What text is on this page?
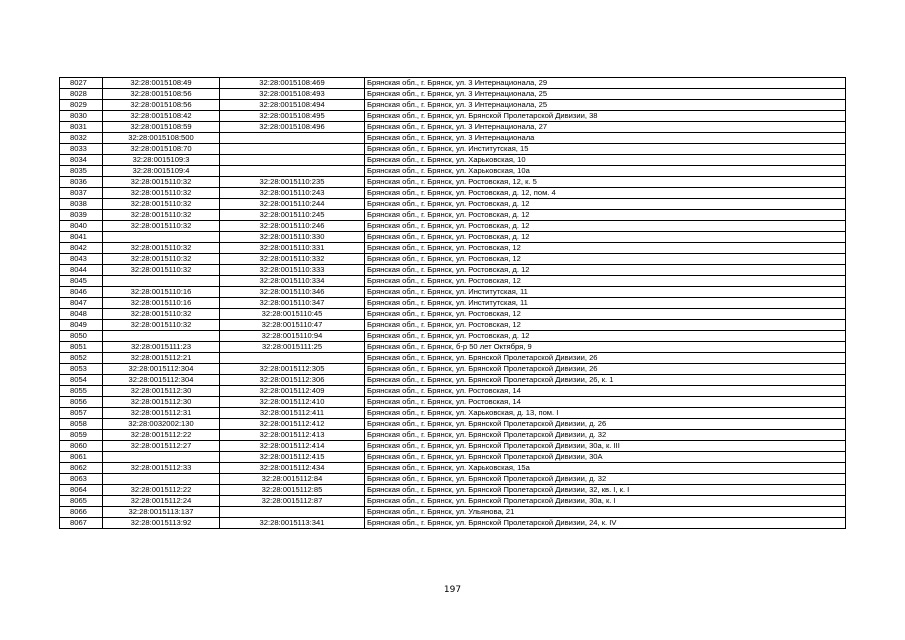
8027	32:28:0015108:49	32:28:0015108:469	Брянская обл., г. Брянск, ул. 3 Интернационала, 29
8028	32:28:0015108:56	32:28:0015108:493	Брянская обл., г. Брянск, ул. 3 Интернационала, 25
8029	32:28:0015108:56	32:28:0015108:494	Брянская обл., г. Брянск, ул. 3 Интернационала, 25
8030	32:28:0015108:42	32:28:0015108:495	Брянская обл., г. Брянск, ул. Брянской Пролетарской Дивизии, 38
8031	32:28:0015108:59	32:28:0015108:496	Брянская обл., г. Брянск, ул. 3 Интернационала, 27
8032	32:28:0015108:500		Брянская обл., г. Брянск, ул. 3 Интернационала
8033	32:28:0015108:70		Брянская обл., г. Брянск, ул. Институтская, 15
8034	32:28:0015109:3		Брянская обл., г. Брянск, ул. Харьковская, 10
8035	32:28:0015109:4		Брянская обл., г. Брянск, ул. Харьковская, 10а
8036	32:28:0015110:32	32:28:0015110:235	Брянская обл., г. Брянск, ул. Ростовская, 12, к. 5
8037	32:28:0015110:32	32:28:0015110:243	Брянская обл., г. Брянск, ул. Ростовская, д. 12, пом. 4
8038	32:28:0015110:32	32:28:0015110:244	Брянская обл., г. Брянск, ул. Ростовская, д. 12
8039	32:28:0015110:32	32:28:0015110:245	Брянская обл., г. Брянск, ул. Ростовская, д. 12
8040	32:28:0015110:32	32:28:0015110:246	Брянская обл., г. Брянск, ул. Ростовская, д. 12
8041		32:28:0015110:330	Брянская обл., г. Брянск, ул. Ростовская, д. 12
8042	32:28:0015110:32	32:28:0015110:331	Брянская обл., г. Брянск, ул. Ростовская, 12
8043	32:28:0015110:32	32:28:0015110:332	Брянская обл., г. Брянск, ул. Ростовская, 12
8044	32:28:0015110:32	32:28:0015110:333	Брянская обл., г. Брянск, ул. Ростовская, д. 12
8045		32:28:0015110:334	Брянская обл., г. Брянск, ул. Ростовская, 12
8046	32:28:0015110:16	32:28:0015110:346	Брянская обл., г. Брянск, ул. Институтская, 11
8047	32:28:0015110:16	32:28:0015110:347	Брянская обл., г. Брянск, ул. Институтская, 11
8048	32:28:0015110:32	32:28:0015110:45	Брянская обл., г. Брянск, ул. Ростовская, 12
8049	32:28:0015110:32	32:28:0015110:47	Брянская обл., г. Брянск, ул. Ростовская, 12
8050		32:28:0015110:94	Брянская обл., г. Брянск, ул. Ростовская, д. 12
8051	32:28:0015111:23	32:28:0015111:25	Брянская обл., г. Брянск, б-р 50 лет Октября, 9
8052	32:28:0015112:21		Брянская обл., г. Брянск, ул. Брянской Пролетарской Дивизии, 26
8053	32:28:0015112:304	32:28:0015112:305	Брянская обл., г. Брянск, ул. Брянской Пролетарской Дивизии, 26
8054	32:28:0015112:304	32:28:0015112:306	Брянская обл., г. Брянск, ул. Брянской Пролетарской Дивизии, 26, к. 1
8055	32:28:0015112:30	32:28:0015112:409	Брянская обл., г. Брянск, ул. Ростовская, 14
8056	32:28:0015112:30	32:28:0015112:410	Брянская обл., г. Брянск, ул. Ростовская, 14
8057	32:28:0015112:31	32:28:0015112:411	Брянская обл., г. Брянск, ул. Харьковская, д. 13, пом. I
8058	32:28:0032002:130	32:28:0015112:412	Брянская обл., г. Брянск, ул. Брянской Пролетарской Дивизии, д. 26
8059	32:28:0015112:22	32:28:0015112:413	Брянская обл., г. Брянск, ул. Брянской Пролетарской Дивизии, д. 32
8060	32:28:0015112:27	32:28:0015112:414	Брянская обл., г. Брянск, ул. Брянской Пролетарской Дивизии, 30а, к. III
8061		32:28:0015112:415	Брянская обл., г. Брянск, ул. Брянской Пролетарской Дивизии, 30А
8062	32:28:0015112:33	32:28:0015112:434	Брянская обл., г. Брянск, ул. Харьковская, 15а
8063		32:28:0015112:84	Брянская обл., г. Брянск, ул. Брянской Пролетарской Дивизии, д. 32
8064	32:28:0015112:22	32:28:0015112:85	Брянская обл., г. Брянск, ул. Брянской Пролетарской Дивизии, 32, кв. I, к. I
8065	32:28:0015112:24	32:28:0015112:87	Брянская обл., г. Брянск, ул. Брянской Пролетарской Дивизии, 30а, к. I
8066	32:28:0015113:137		Брянская обл., г. Брянск, ул. Ульянова, 21
8067	32:28:0015113:92	32:28:0015113:341	Брянская обл., г. Брянск, ул. Брянской Пролетарской Дивизии, 24, к. IV
197
